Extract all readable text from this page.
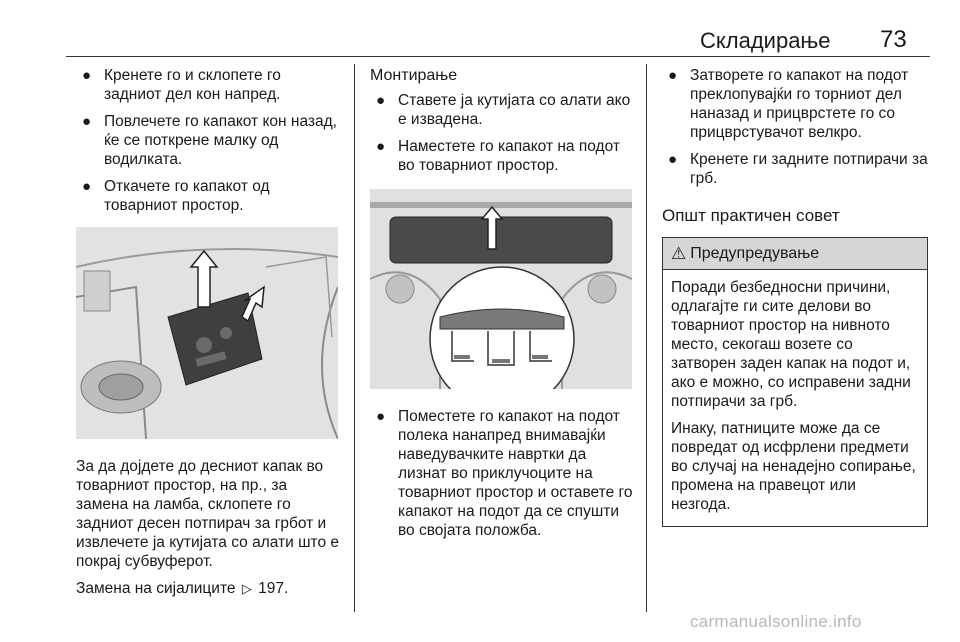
Складирање 73
● Кренете го и склопете го задниот дел кон напред.
● Повлечете го капакот кон назад, ќе се поткрене малку од водилката.
● Откачете го капакот од товарниот простор.

За да дојдете до десниот капак во товарниот простор, на пр., за замена на ламба, склопете го задниот десен потпирач за грбот и извлечете ја кутијата со алати што е покрај субвуферот.

Замена на сијалиците ▷ 197.

Монтирање
● Ставете ја кутијата со алати ако е извадена.
● Наместете го капакот на подот во товарниот простор.
● Поместете го капакот на подот полека нанапред внимавајќи наведувачките навртки да лизнат во приклучоците на товарниот простор и оставете го капакот на подот да се спушти во својата положба.
● Затворете го капакот на подот преклопувајќи го торниот дел наназад и прицврстете го со прицврстувачот велкро.
● Кренете ги задните потпирачи за грб.
Општ практичен совет
⚠ Предупредување

Поради безбедносни причини, одлагајте ги сите делови во товарниот простор на нивното место, секогаш возете со затворен заден капак на подот и, ако е можно, со исправени задни потпирачи за грб.

Инаку, патниците може да се повредат од исфрлени предмети во случај на ненадејно сопирање, промена на правецот или незгода.

carmanualsonline.info
